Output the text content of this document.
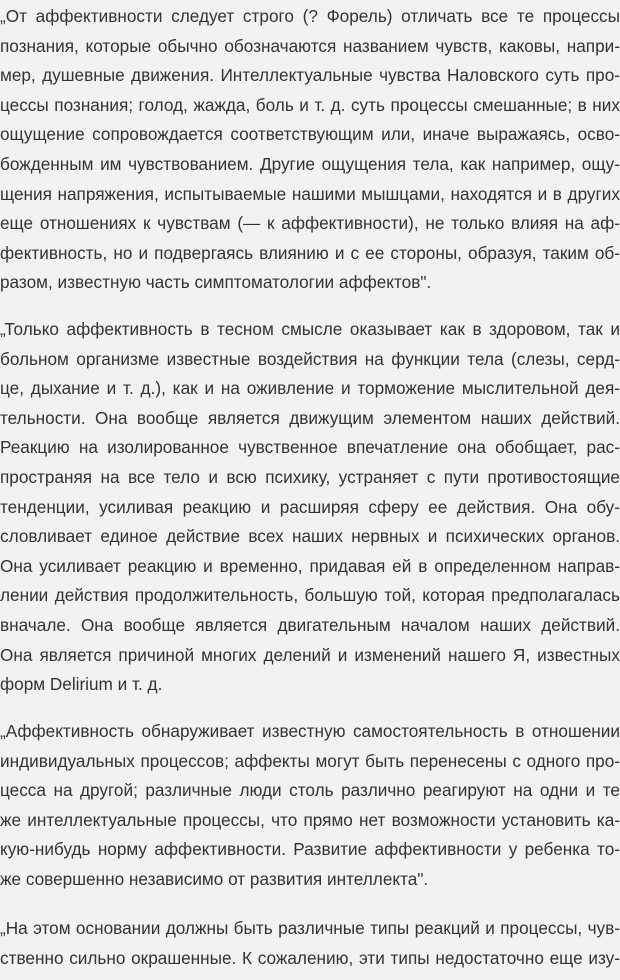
„От аффективности следует строго (? Форель) отличать все те процессы
познания, которые обычно обозначаются названием чувств, каковы, напри-
мер, душевные движения. Интеллектуальные чувства Наловского суть про-
цессы познания; голод, жажда, боль и т. д. суть процессы смешанные; в них
ощущение сопровождается соответствующим или, иначе выражаясь, осво-
божденным им чувствованием. Другие ощущения тела, как например, ощу-
щения напряжения, испытываемые нашими мышцами, находятся и в других
еще отношениях к чувствам (— к аффективности), не только влияя на аф-
фективность, но и подвергаясь влиянию и с ее стороны, образуя, таким об-
разом, известную часть симптоматологии аффектов".
„Только аффективность в тесном смысле оказывает как в здоровом, так и
больном организме известные воздействия на функции тела (слезы, серд-
це, дыхание и т. д.), как и на оживление и торможение мыслительной дея-
тельности. Она вообще является движущим элементом наших действий.
Реакцию на изолированное чувственное впечатление она обобщает, рас-
пространяя на все тело и всю психику, устраняет с пути противостоящие
тенденции, усиливая реакцию и расширяя сферу ее действия. Она обу-
словливает единое действие всех наших нервных и психических органов.
Она усиливает реакцию и временно, придавая ей в определенном направ-
лении действия продолжительность, большую той, которая предполагалась
вначале. Она вообще является двигательным началом наших действий.
Она является причиной многих делений и изменений нашего Я, известных
форм Delirium и т. д.
„Аффективность обнаруживает известную самостоятельность в отношении
индивидуальных процессов; аффекты могут быть перенесены с одного про-
цесса на другой; различные люди столь различно реагируют на одни и те
же интеллектуальные процессы, что прямо нет возможности установить ка-
кую-нибудь норму аффективности. Развитие аффективности у ребенка то-
же совершенно независимо от развития интеллекта".
„На этом основании должны быть различные типы реакций и процессы, чув-
ственно сильно окрашенные. К сожалению, эти типы недостаточно еще изу-
